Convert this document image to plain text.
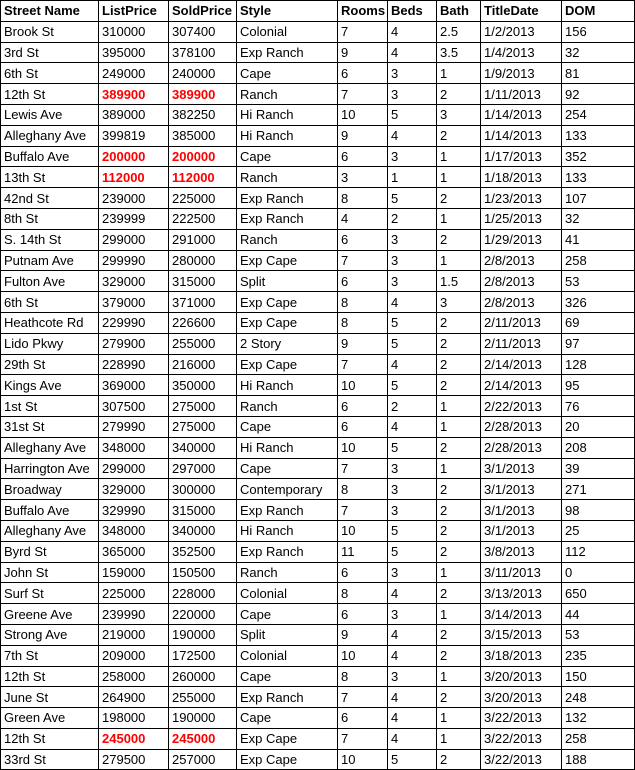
Street Name	ListPrice	SoldPrice	Style	Rooms	Beds	Bath	TitleDate	DOM
Brook St	310000	307400	Colonial	7	4	2.5	1/2/2013	156
3rd St	395000	378100	Exp Ranch	9	4	3.5	1/4/2013	32
6th St	249000	240000	Cape	6	3	1	1/9/2013	81
12th St	389900	389900	Ranch	7	3	2	1/11/2013	92
Lewis Ave	389000	382250	Hi Ranch	10	5	3	1/14/2013	254
Alleghany Ave	399819	385000	Hi Ranch	9	4	2	1/14/2013	133
Buffalo Ave	200000	200000	Cape	6	3	1	1/17/2013	352
13th St	112000	112000	Ranch	3	1	1	1/18/2013	133
42nd St	239000	225000	Exp Ranch	8	5	2	1/23/2013	107
8th St	239999	222500	Exp Ranch	4	2	1	1/25/2013	32
S. 14th St	299000	291000	Ranch	6	3	2	1/29/2013	41
Putnam Ave	299990	280000	Exp Cape	7	3	1	2/8/2013	258
Fulton Ave	329000	315000	Split	6	3	1.5	2/8/2013	53
6th St	379000	371000	Exp Cape	8	4	3	2/8/2013	326
Heathcote Rd	229990	226600	Exp Cape	8	5	2	2/11/2013	69
Lido Pkwy	279900	255000	2 Story	9	5	2	2/11/2013	97
29th St	228990	216000	Exp Cape	7	4	2	2/14/2013	128
Kings Ave	369000	350000	Hi Ranch	10	5	2	2/14/2013	95
1st St	307500	275000	Ranch	6	2	1	2/22/2013	76
31st St	279990	275000	Cape	6	4	1	2/28/2013	20
Alleghany Ave	348000	340000	Hi Ranch	10	5	2	2/28/2013	208
Harrington Ave	299000	297000	Cape	7	3	1	3/1/2013	39
Broadway	329000	300000	Contemporary	8	3	2	3/1/2013	271
Buffalo Ave	329990	315000	Exp Ranch	7	3	2	3/1/2013	98
Alleghany Ave	348000	340000	Hi Ranch	10	5	2	3/1/2013	25
Byrd St	365000	352500	Exp Ranch	11	5	2	3/8/2013	112
John St	159000	150500	Ranch	6	3	1	3/11/2013	0
Surf St	225000	228000	Colonial	8	4	2	3/13/2013	650
Greene Ave	239990	220000	Cape	6	3	1	3/14/2013	44
Strong Ave	219000	190000	Split	9	4	2	3/15/2013	53
7th St	209000	172500	Colonial	10	4	2	3/18/2013	235
12th St	258000	260000	Cape	8	3	1	3/20/2013	150
June St	264900	255000	Exp Ranch	7	4	2	3/20/2013	248
Green Ave	198000	190000	Cape	6	4	1	3/22/2013	132
12th St	245000	245000	Exp Cape	7	4	1	3/22/2013	258
33rd St	279500	257000	Exp Cape	10	5	2	3/22/2013	188
